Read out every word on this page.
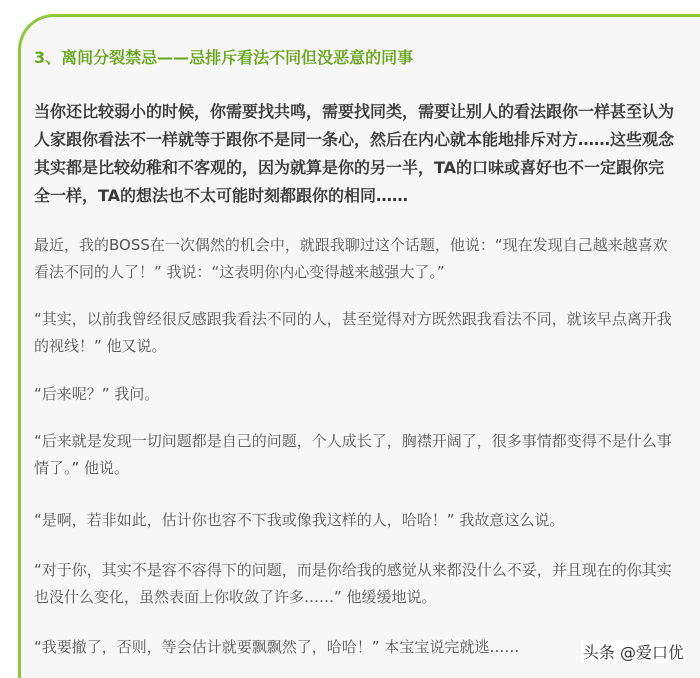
3、离间分裂禁忌——忌排斥看法不同但没恶意的同事
当你还比较弱小的时候，你需要找共鸣，需要找同类，需要让别人的看法跟你一样甚至认为人家跟你看法不一样就等于跟你不是同一条心，然后在内心就本能地排斥对方……这些观念其实都是比较幼稚和不客观的，因为就算是你的另一半，TA的口味或喜好也不一定跟你完全一样，TA的想法也不太可能时刻都跟你的相同……
最近，我的BOSS在一次偶然的机会中，就跟我聊过这个话题，他说：“现在发现自己越来越喜欢看法不同的人了！” 我说：“这表明你内心变得越来越强大了。”
“其实，以前我曾经很反感跟我看法不同的人，甚至觉得对方既然跟我看法不同，就该早点离开我的视线！” 他又说。
“后来呢？” 我问。
“后来就是发现一切问题都是自己的问题，个人成长了，胸襟开阔了，很多事情都变得不是什么事情了。” 他说。
“是啊，若非如此，估计你也容不下我或像我这样的人，哈哈！” 我故意这么说。
“对于你，其实不是容不容得下的问题，而是你给我的感觉从来都没什么不妥，并且现在的你其实也没什么变化，虽然表面上你收敛了许多……” 他缓缓地说。
“我要撤了，否则，等会估计就要飘飘然了，哈哈！” 本宝宝说完就逃……	头条 @爱口优
